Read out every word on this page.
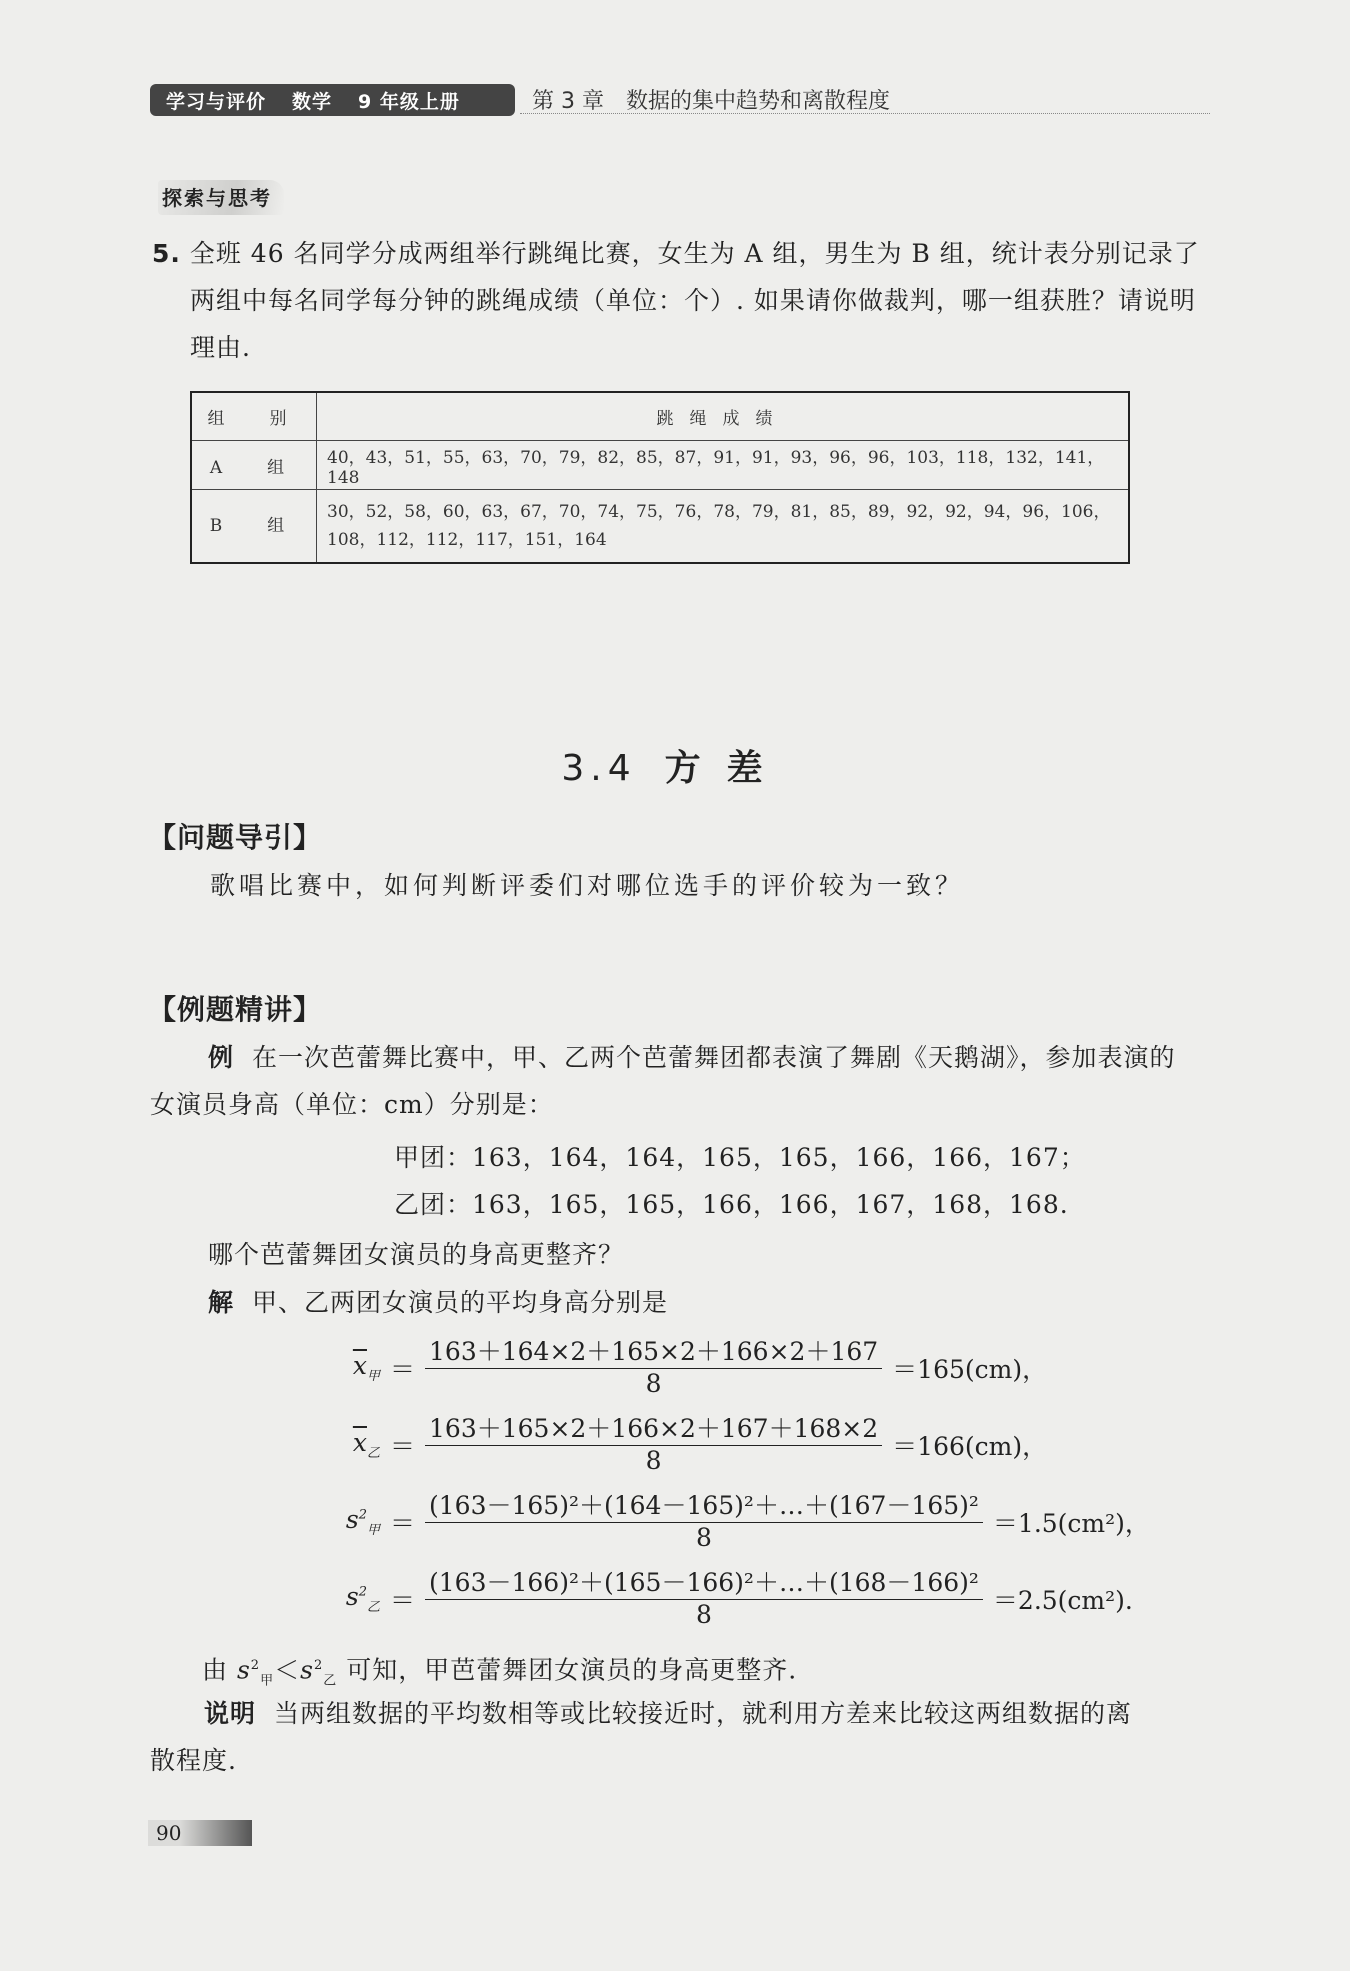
学习与评价 数学 9 年级上册	第 3 章　数据的集中趋势和离散程度
探索与思考
5. 全班 46 名同学分成两组举行跳绳比赛，女生为 A 组，男生为 B 组，统计表分别记录了
两组中每名同学每分钟的跳绳成绩（单位：个）. 如果请你做裁判，哪一组获胜？请说明
理由.
组　别	跳绳成绩
A　组	40，43，51，55，63，70，79，82，85，87，91，91，93，96，96，103，118，132，141，148
B　组	30，52，58，60，63，67，70，74，75，76，78，79，81，85，89，92，92，94，96，106，
108，112，112，117，151，164
3.4 方差
【问题导引】
歌唱比赛中，如何判断评委们对哪位选手的评价较为一致？
【例题精讲】
例 在一次芭蕾舞比赛中，甲、乙两个芭蕾舞团都表演了舞剧《天鹅湖》，参加表演的
女演员身高（单位：cm）分别是：
甲团：163，164，164，165，165，166，166，167；
乙团：163，165，165，166，166，167，168，168.
哪个芭蕾舞团女演员的身高更整齐？
解 甲、乙两团女演员的平均身高分别是
$\overline{x}_甲 = \frac{163+164\times 2+165\times 2+166\times 2+167}{8} =165(cm)$，
$\overline{x}_乙 = \frac{163+165\times 2+166\times 2+167+168\times 2}{8} =166(cm)$，
$s^2_甲 = \frac{\text{(163－165)²＋(164－165)²＋…＋(167－165)²}}{8} =1.5(cm^2)$，
$s^2_乙 = \frac{\text{(163－166)²＋(165－166)²＋…＋(168－166)²}}{8} =2.5(cm^2)$.
由 $s^2_甲<s^2_乙$ 可知，甲芭蕾舞团女演员的身高更整齐.
说明 当两组数据的平均数相等或比较接近时，就利用方差来比较这两组数据的离
散程度.
90
